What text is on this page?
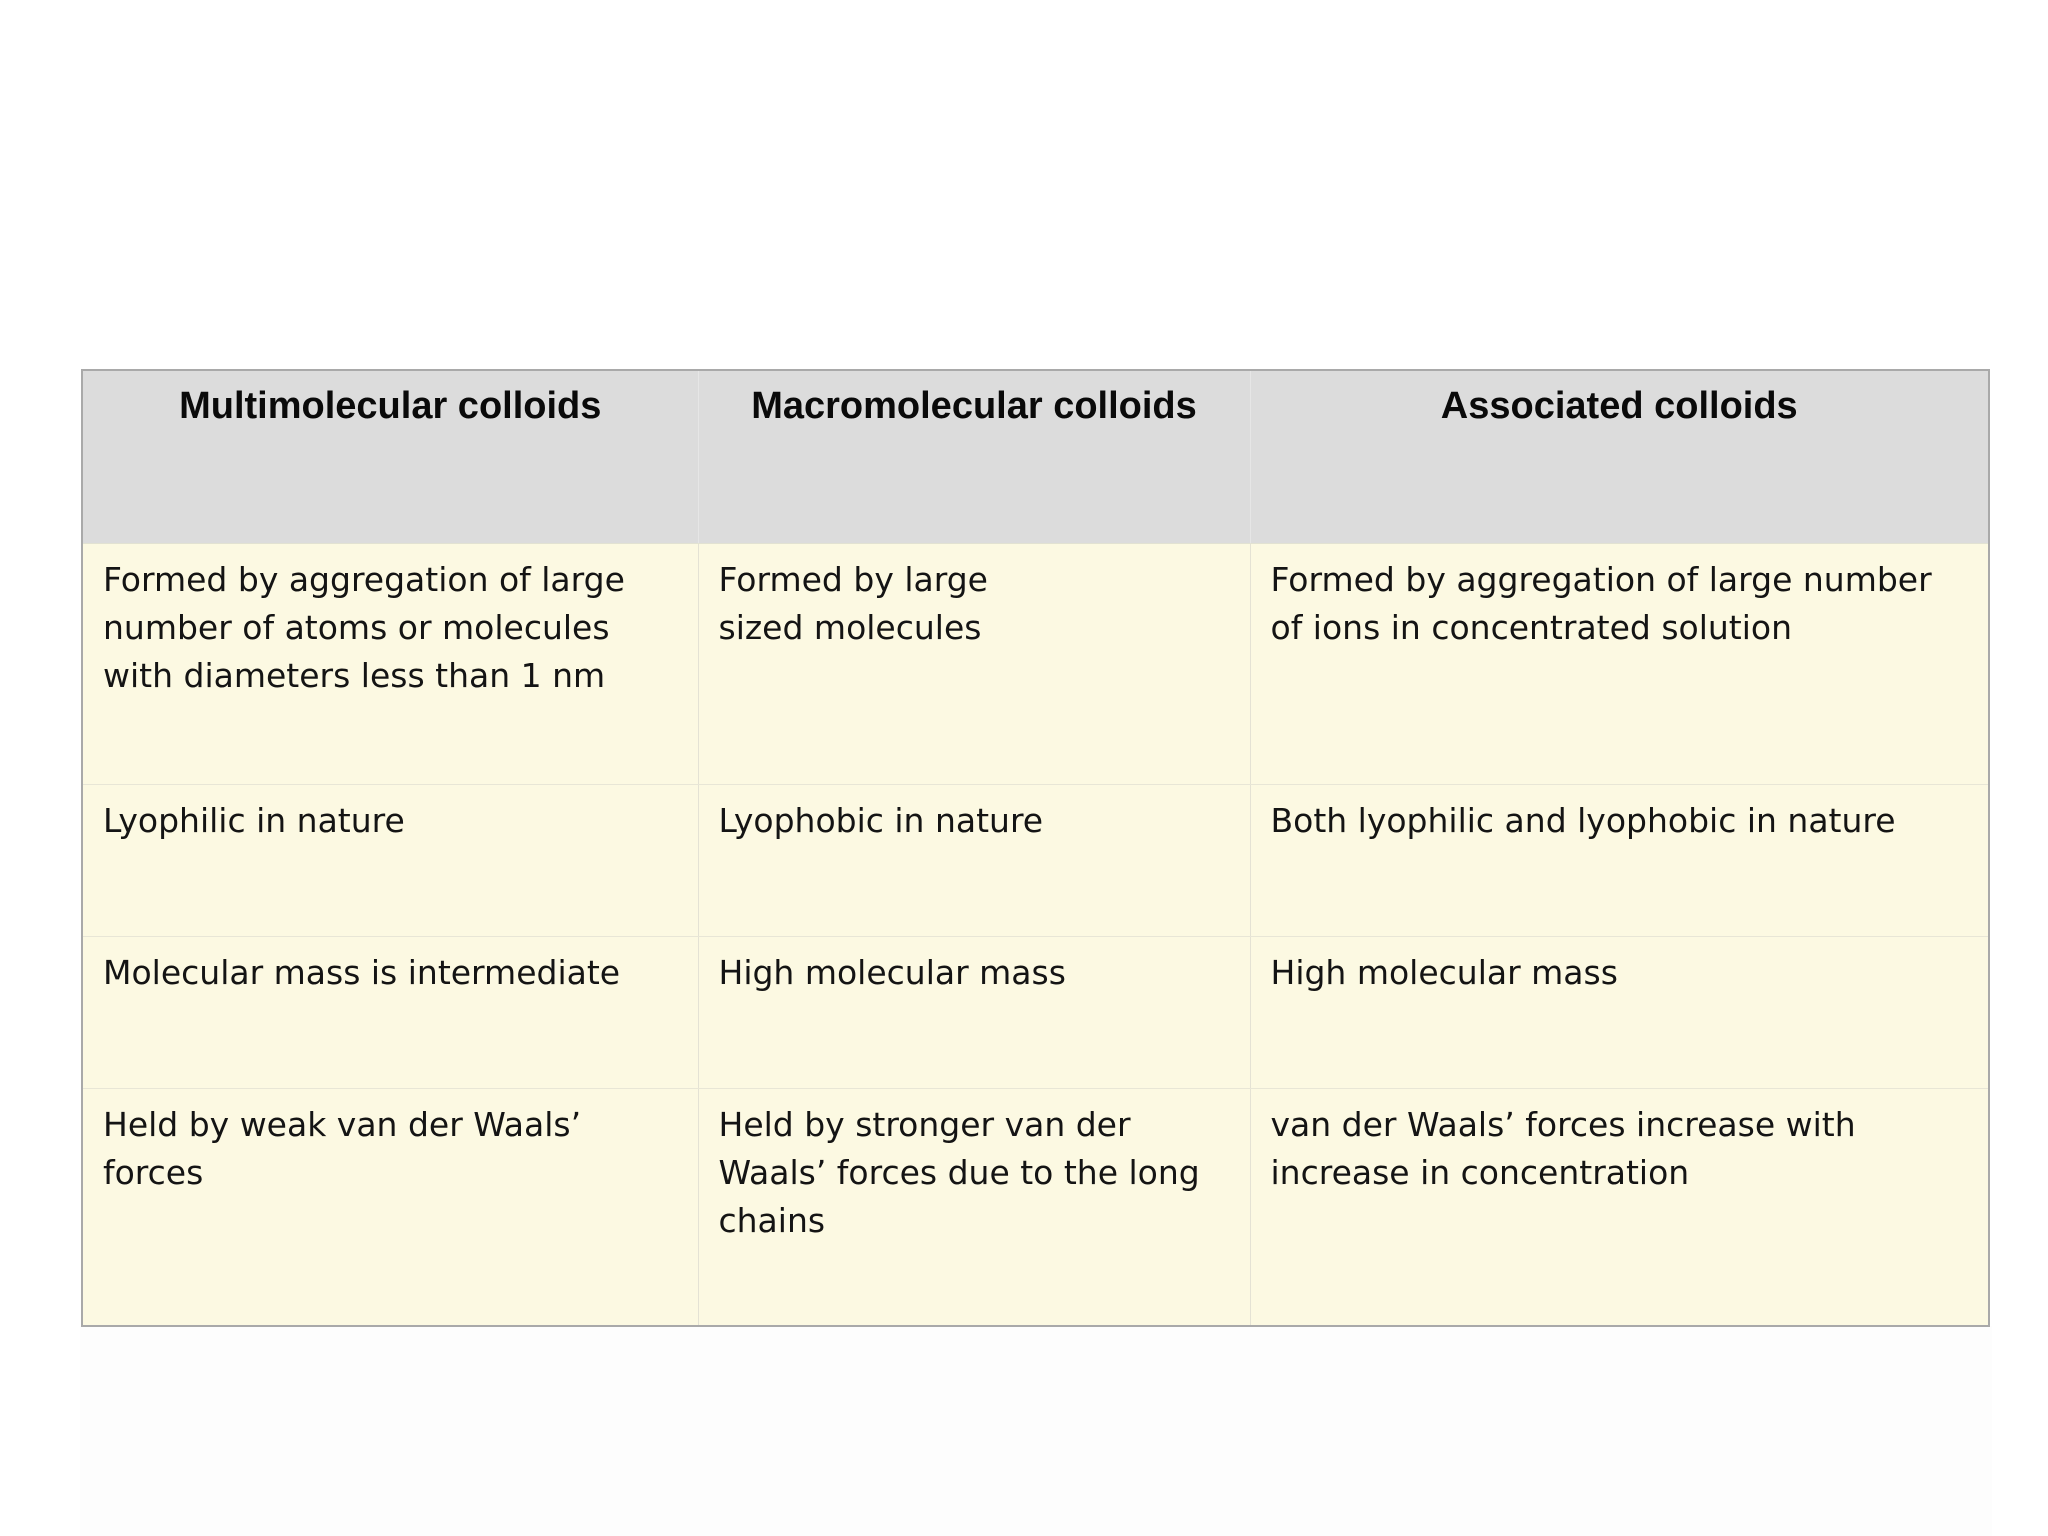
Multimolecular colloids	Macromolecular colloids	Associated colloids
Formed by aggregation of large number of atoms or molecules with diameters less than 1 nm	Formed by large sized molecules	Formed by aggregation of large number of ions in concentrated solution
Lyophilic in nature	Lyophobic in nature	Both lyophilic and lyophobic in nature
Molecular mass is intermediate	High molecular mass	High molecular mass
Held by weak van der Waals’ forces	Held by stronger van der Waals’ forces due to the long chains	van der Waals’ forces increase with increase in concentration
